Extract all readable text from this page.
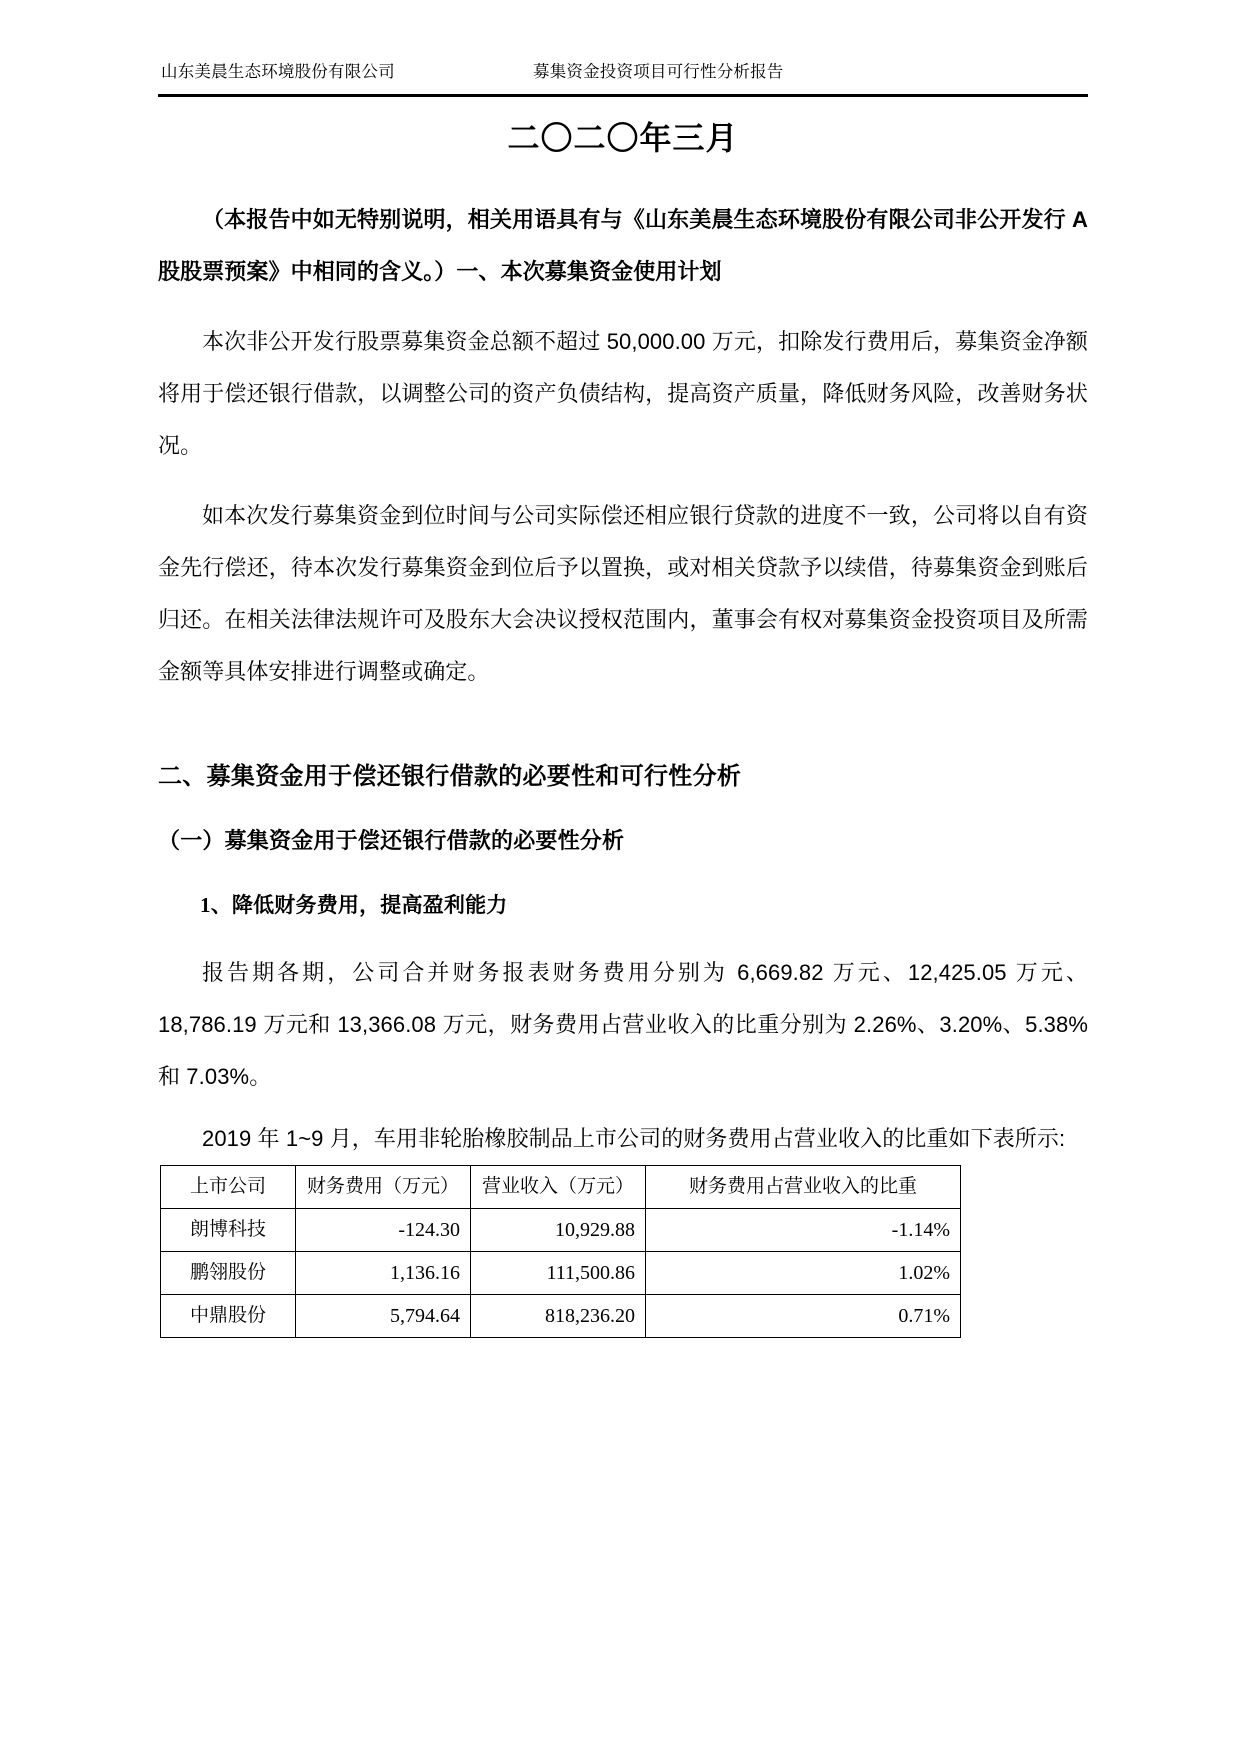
山东美晨生态环境股份有限公司	募集资金投资项目可行性分析报告
二〇二〇年三月

（本报告中如无特别说明，相关用语具有与《山东美晨生态环境股份有限公司非公开发行 A 股股票预案》中相同的含义。）一、本次募集资金使用计划

本次非公开发行股票募集资金总额不超过 50,000.00 万元，扣除发行费用后，募集资金净额将用于偿还银行借款，以调整公司的资产负债结构，提高资产质量，降低财务风险，改善财务状况。

如本次发行募集资金到位时间与公司实际偿还相应银行贷款的进度不一致，公司将以自有资金先行偿还，待本次发行募集资金到位后予以置换，或对相关贷款予以续借，待募集资金到账后归还。在相关法律法规许可及股东大会决议授权范围内，董事会有权对募集资金投资项目及所需金额等具体安排进行调整或确定。

二、募集资金用于偿还银行借款的必要性和可行性分析
（一）募集资金用于偿还银行借款的必要性分析
1、降低财务费用，提高盈利能力

报告期各期，公司合并财务报表财务费用分别为 6,669.82 万元、12,425.05 万元、18,786.19 万元和 13,366.08 万元，财务费用占营业收入的比重分别为 2.26%、3.20%、5.38%和 7.03%。

2019 年 1~9 月，车用非轮胎橡胶制品上市公司的财务费用占营业收入的比重如下表所示:

上市公司	财务费用（万元）	营业收入（万元）	财务费用占营业收入的比重
朗博科技	-124.30	10,929.88	-1.14%
鹏翎股份	1,136.16	111,500.86	1.02%
中鼎股份	5,794.64	818,236.20	0.71%
